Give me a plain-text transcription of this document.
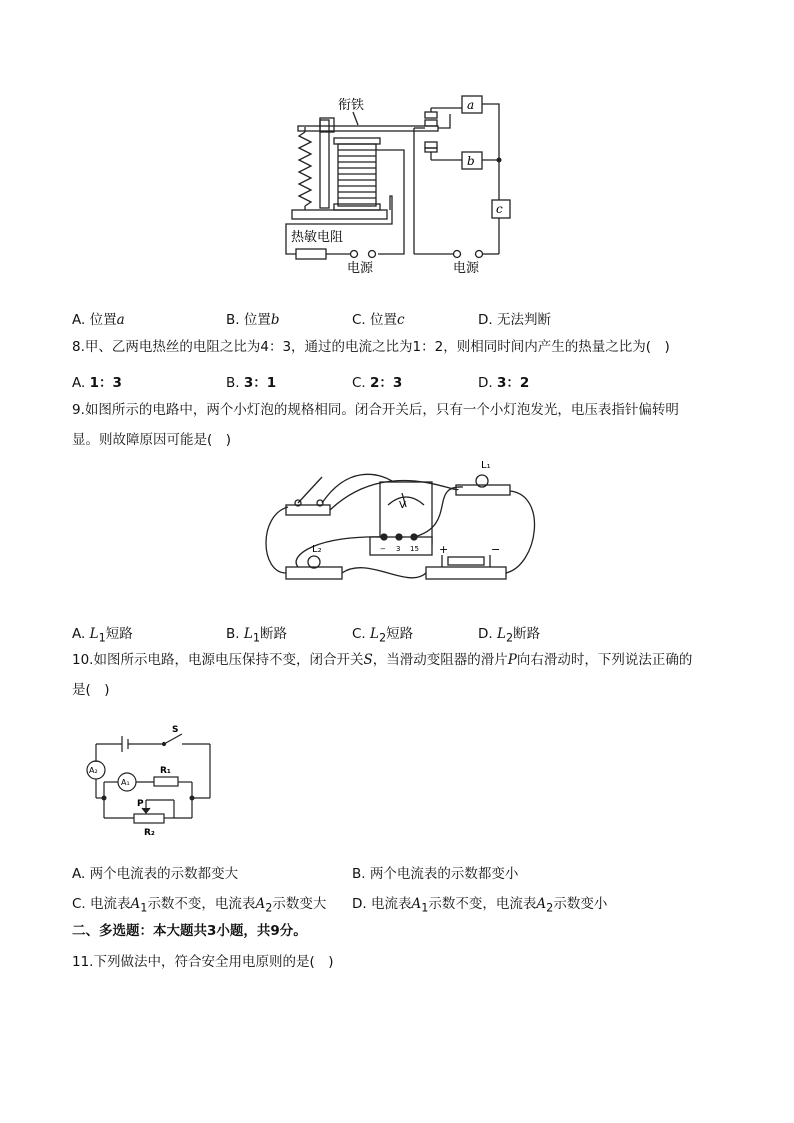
衔铁	a
b
c
热敏电阻
电源	电源
A. 位置a	B. 位置b	C. 位置c	D. 无法判断
8.甲、乙两电热丝的电阻之比为4：3，通过的电流之比为1：2，则相同时间内产生的热量之比为(　)
A. 1：3	B. 3：1	C. 2：3	D. 3：2
9.如图所示的电路中，两个小灯泡的规格相同。闭合开关后，只有一个小灯泡发光，电压表指针偏转明
显。则故障原因可能是(　)
L₁
L₂
V
+	−
− 3 15
A. $L_1$短路	B. $L_1$断路	C. $L_2$短路	D. $L_2$断路
10.如图所示电路，电源电压保持不变，闭合开关S，当滑动变阻器的滑片P向右滑动时，下列说法正确的
是(　)
S
A₂
A₁
R₁
P
R₂
A. 两个电流表的示数都变大	B. 两个电流表的示数都变小
C. 电流表$A_1$示数不变，电流表$A_2$示数变大 D. 电流表$A_1$示数不变，电流表$A_2$示数变小
二、多选题：本大题共3小题，共9分。
11.下列做法中，符合安全用电原则的是(　)
